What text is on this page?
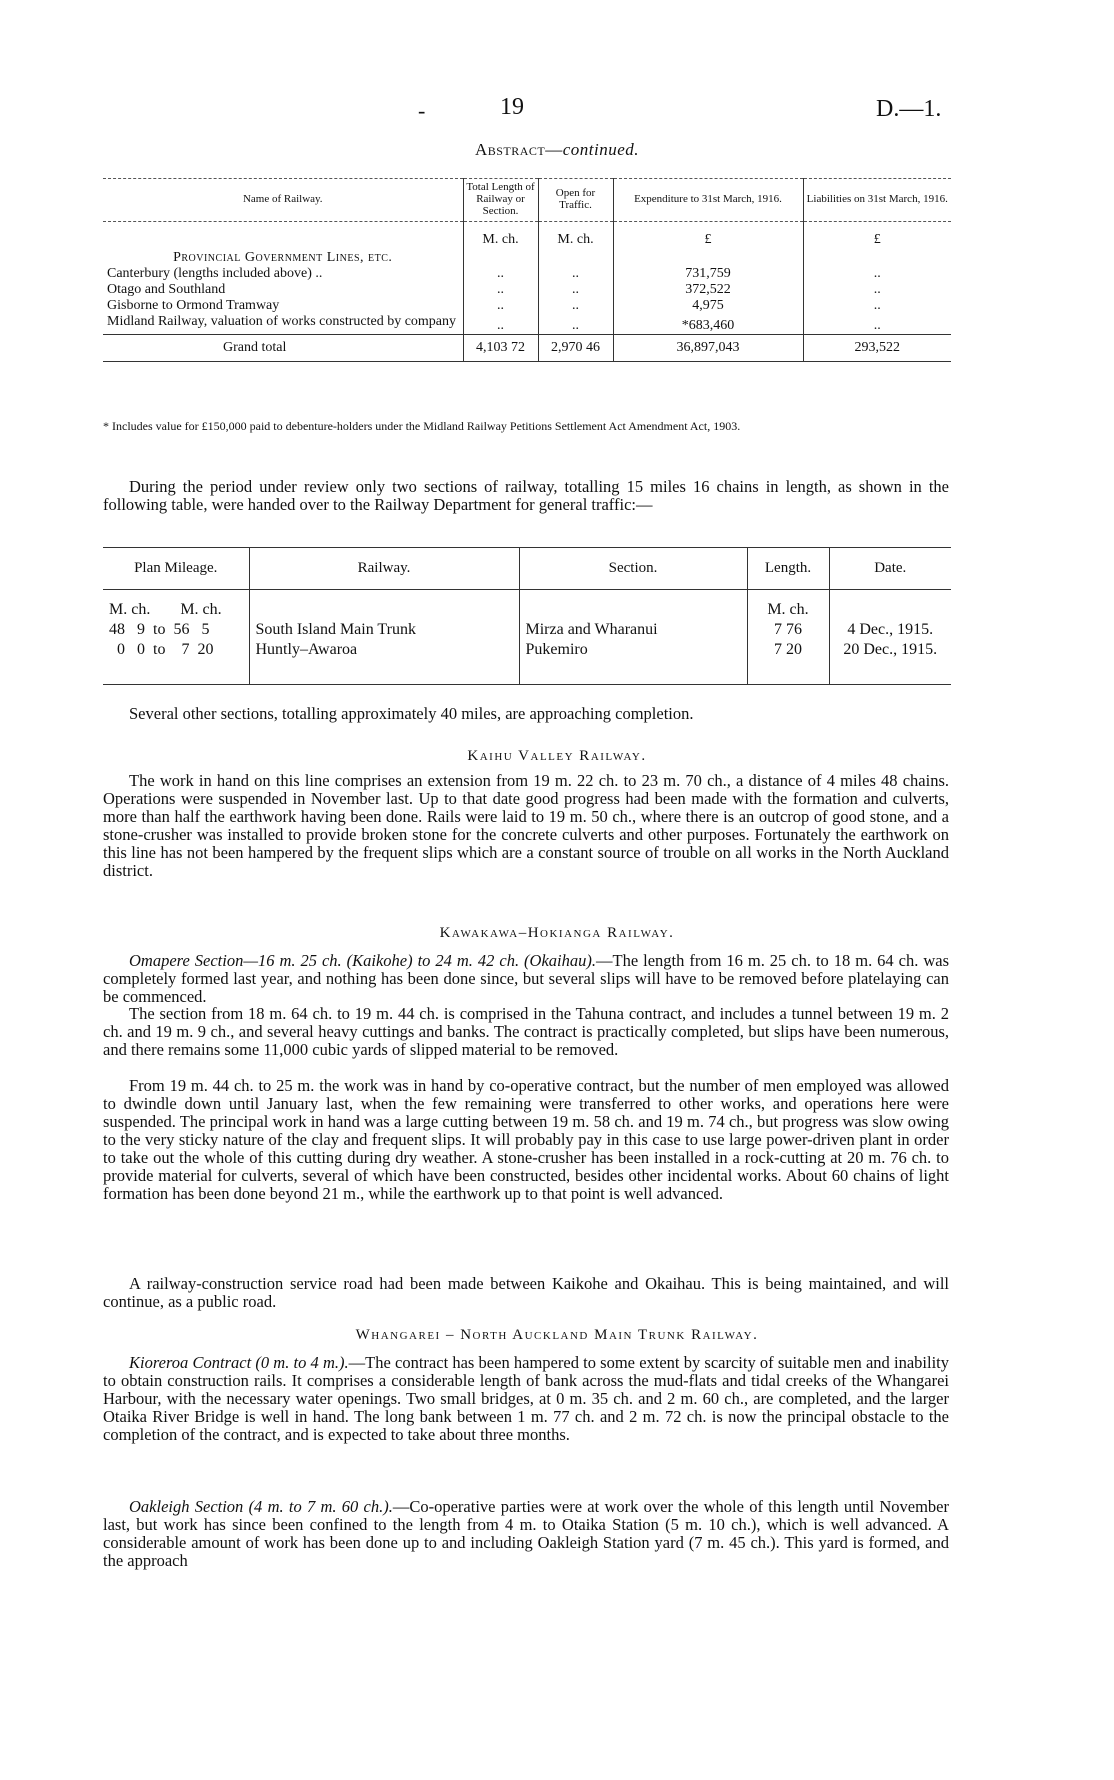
-	19	D.—1.
Abstract—continued.
Name of Railway.	Total Length of Railway or Section.	Open for Traffic.	Expenditure to 31st March, 1916.	Liabilities on 31st March, 1916.
	M. ch.	M. ch.	£	£
Provincial Government Lines, etc.				
Canterbury (lengths included above) ..	..	..	731,759	..
Otago and Southland	..	..	372,522	..
Gisborne to Ormond Tramway	..	..	4,975	..
Midland Railway, valuation of works constructed by company	..	..	*683,460	..
Grand total	4,103 72	2,970 46	36,897,043	293,522
* Includes value for £150,000 paid to debenture-holders under the Midland Railway Petitions Settlement Act Amendment Act, 1903.
During the period under review only two sections of railway, totalling 15 miles 16 chains in length, as shown in the following table, were handed over to the Railway Department for general traffic:—
Plan Mileage.	Railway.	Section.	Length.	Date.
M. ch. M. ch.			M. ch.	
48 9 to 56 5	South Island Main Trunk	Mirza and Wharanui	7 76	4 Dec., 1915.
0 0 to 7 20	Huntly–Awaroa	Pukemiro	7 20	20 Dec., 1915.

Several other sections, totalling approximately 40 miles, are approaching completion.
Kaihu Valley Railway.
The work in hand on this line comprises an extension from 19 m. 22 ch. to 23 m. 70 ch., a distance of 4 miles 48 chains. Operations were suspended in November last. Up to that date good progress had been made with the formation and culverts, more than half the earthwork having been done. Rails were laid to 19 m. 50 ch., where there is an outcrop of good stone, and a stone-crusher was installed to provide broken stone for the concrete culverts and other purposes. Fortunately the earthwork on this line has not been hampered by the frequent slips which are a constant source of trouble on all works in the North Auckland district.
Kawakawa–Hokianga Railway.
Omapere Section—16 m. 25 ch. (Kaikohe) to 24 m. 42 ch. (Okaihau).—The length from 16 m. 25 ch. to 18 m. 64 ch. was completely formed last year, and nothing has been done since, but several slips will have to be removed before platelaying can be commenced.
The section from 18 m. 64 ch. to 19 m. 44 ch. is comprised in the Tahuna contract, and includes a tunnel between 19 m. 2 ch. and 19 m. 9 ch., and several heavy cuttings and banks. The contract is practically completed, but slips have been numerous, and there remains some 11,000 cubic yards of slipped material to be removed.
From 19 m. 44 ch. to 25 m. the work was in hand by co-operative contract, but the number of men employed was allowed to dwindle down until January last, when the few remaining were transferred to other works, and operations here were suspended. The principal work in hand was a large cutting between 19 m. 58 ch. and 19 m. 74 ch., but progress was slow owing to the very sticky nature of the clay and frequent slips. It will probably pay in this case to use large power-driven plant in order to take out the whole of this cutting during dry weather. A stone-crusher has been installed in a rock-cutting at 20 m. 76 ch. to provide material for culverts, several of which have been constructed, besides other incidental works. About 60 chains of light formation has been done beyond 21 m., while the earthwork up to that point is well advanced.
A railway-construction service road had been made between Kaikohe and Okaihau. This is being maintained, and will continue, as a public road.
Whangarei – North Auckland Main Trunk Railway.
Kioreroa Contract (0 m. to 4 m.).—The contract has been hampered to some extent by scarcity of suitable men and inability to obtain construction rails. It comprises a considerable length of bank across the mud-flats and tidal creeks of the Whangarei Harbour, with the necessary water openings. Two small bridges, at 0 m. 35 ch. and 2 m. 60 ch., are completed, and the larger Otaika River Bridge is well in hand. The long bank between 1 m. 77 ch. and 2 m. 72 ch. is now the principal obstacle to the completion of the contract, and is expected to take about three months.
Oakleigh Section (4 m. to 7 m. 60 ch.).—Co-operative parties were at work over the whole of this length until November last, but work has since been confined to the length from 4 m. to Otaika Station (5 m. 10 ch.), which is well advanced. A considerable amount of work has been done up to and including Oakleigh Station yard (7 m. 45 ch.). This yard is formed, and the approach
